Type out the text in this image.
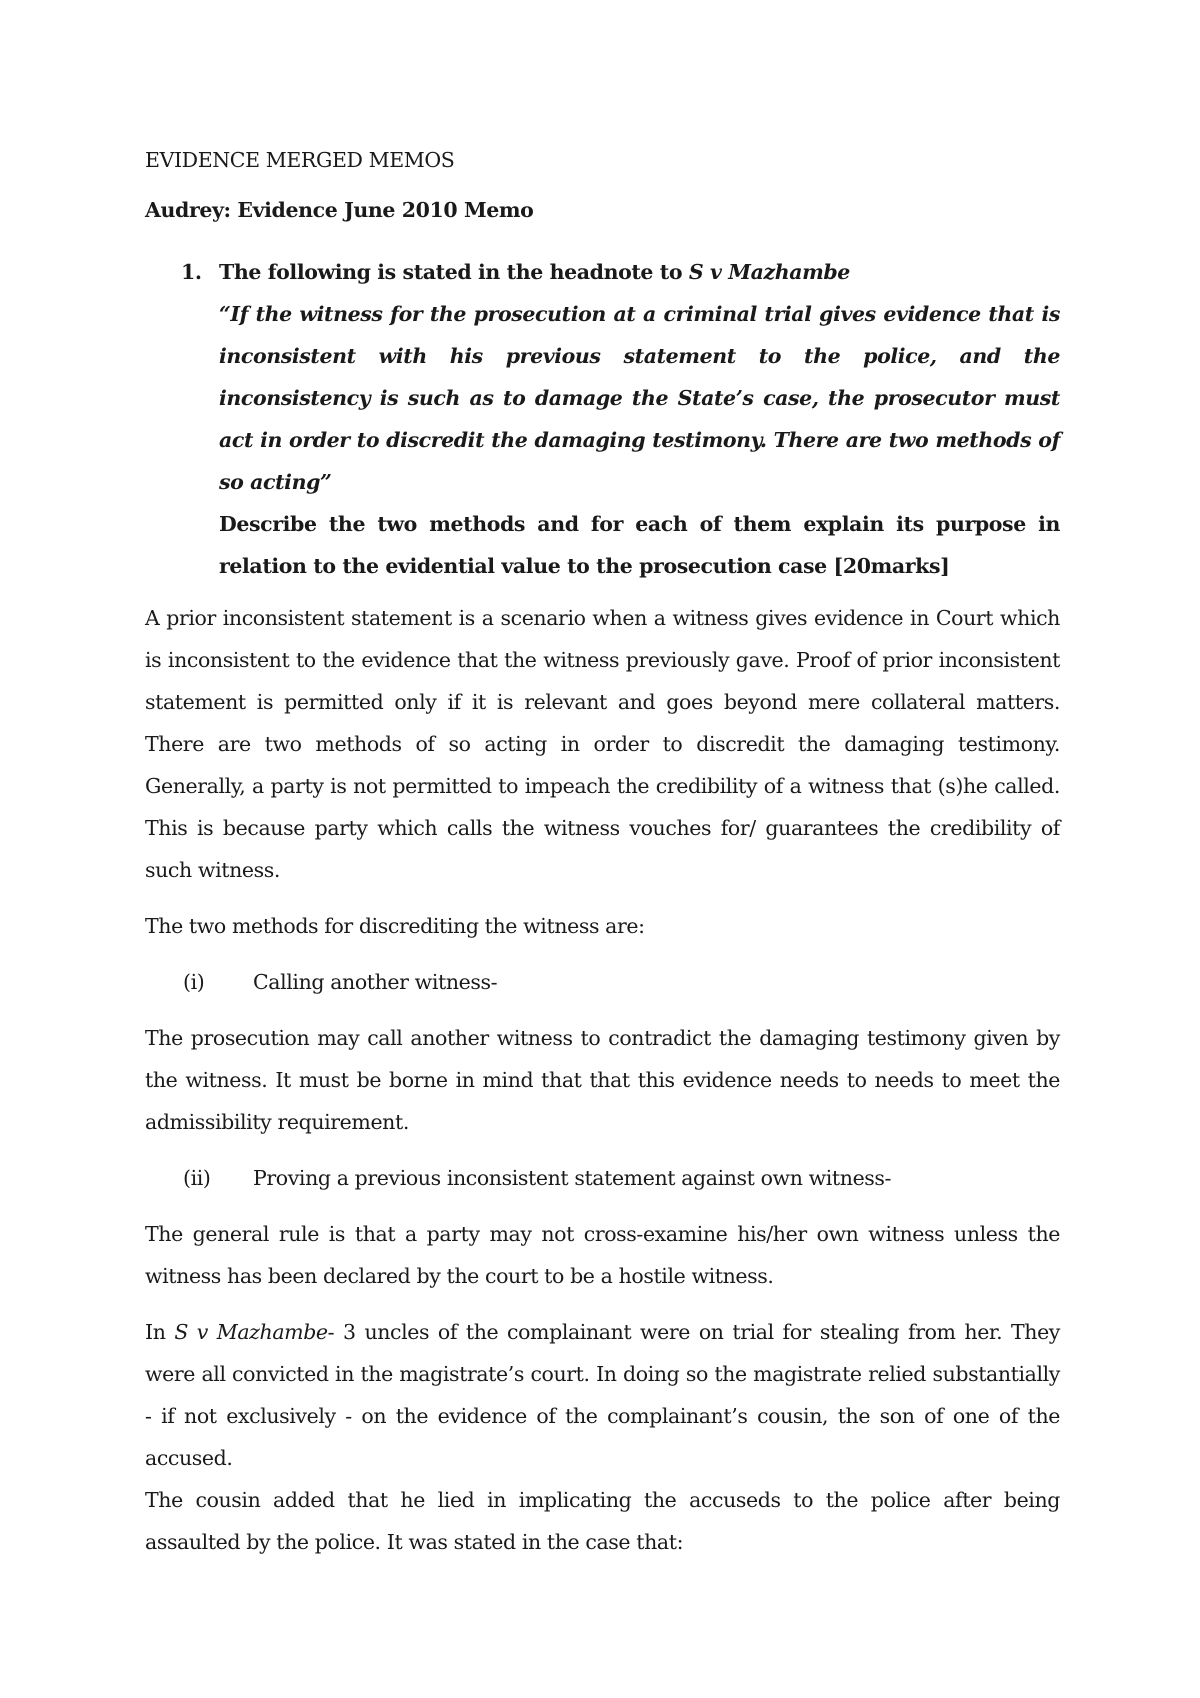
EVIDENCE MERGED MEMOS
Audrey: Evidence June 2010 Memo
1. The following is stated in the headnote to S v Mazhambe
“If the witness for the prosecution at a criminal trial gives evidence that is inconsistent with his previous statement to the police, and the inconsistency is such as to damage the State’s case, the prosecutor must act in order to discredit the damaging testimony. There are two methods of so acting”
Describe the two methods and for each of them explain its purpose in relation to the evidential value to the prosecution case [20marks]

A prior inconsistent statement is a scenario when a witness gives evidence in Court which is inconsistent to the evidence that the witness previously gave. Proof of prior inconsistent statement is permitted only if it is relevant and goes beyond mere collateral matters. There are two methods of so acting in order to discredit the damaging testimony. Generally, a party is not permitted to impeach the credibility of a witness that (s)he called. This is because party which calls the witness vouches for/ guarantees the credibility of such witness.

The two methods for discrediting the witness are:

(i)	Calling another witness-

The prosecution may call another witness to contradict the damaging testimony given by the witness. It must be borne in mind that that this evidence needs to needs to meet the admissibility requirement.

(ii)	Proving a previous inconsistent statement against own witness-

The general rule is that a party may not cross-examine his/her own witness unless the witness has been declared by the court to be a hostile witness.

In S v Mazhambe- 3 uncles of the complainant were on trial for stealing from her. They were all convicted in the magistrate’s court. In doing so the magistrate relied substantially - if not exclusively - on the evidence of the complainant’s cousin, the son of one of the accused.

The cousin added that he lied in implicating the accuseds to the police after being assaulted by the police. It was stated in the case that:
